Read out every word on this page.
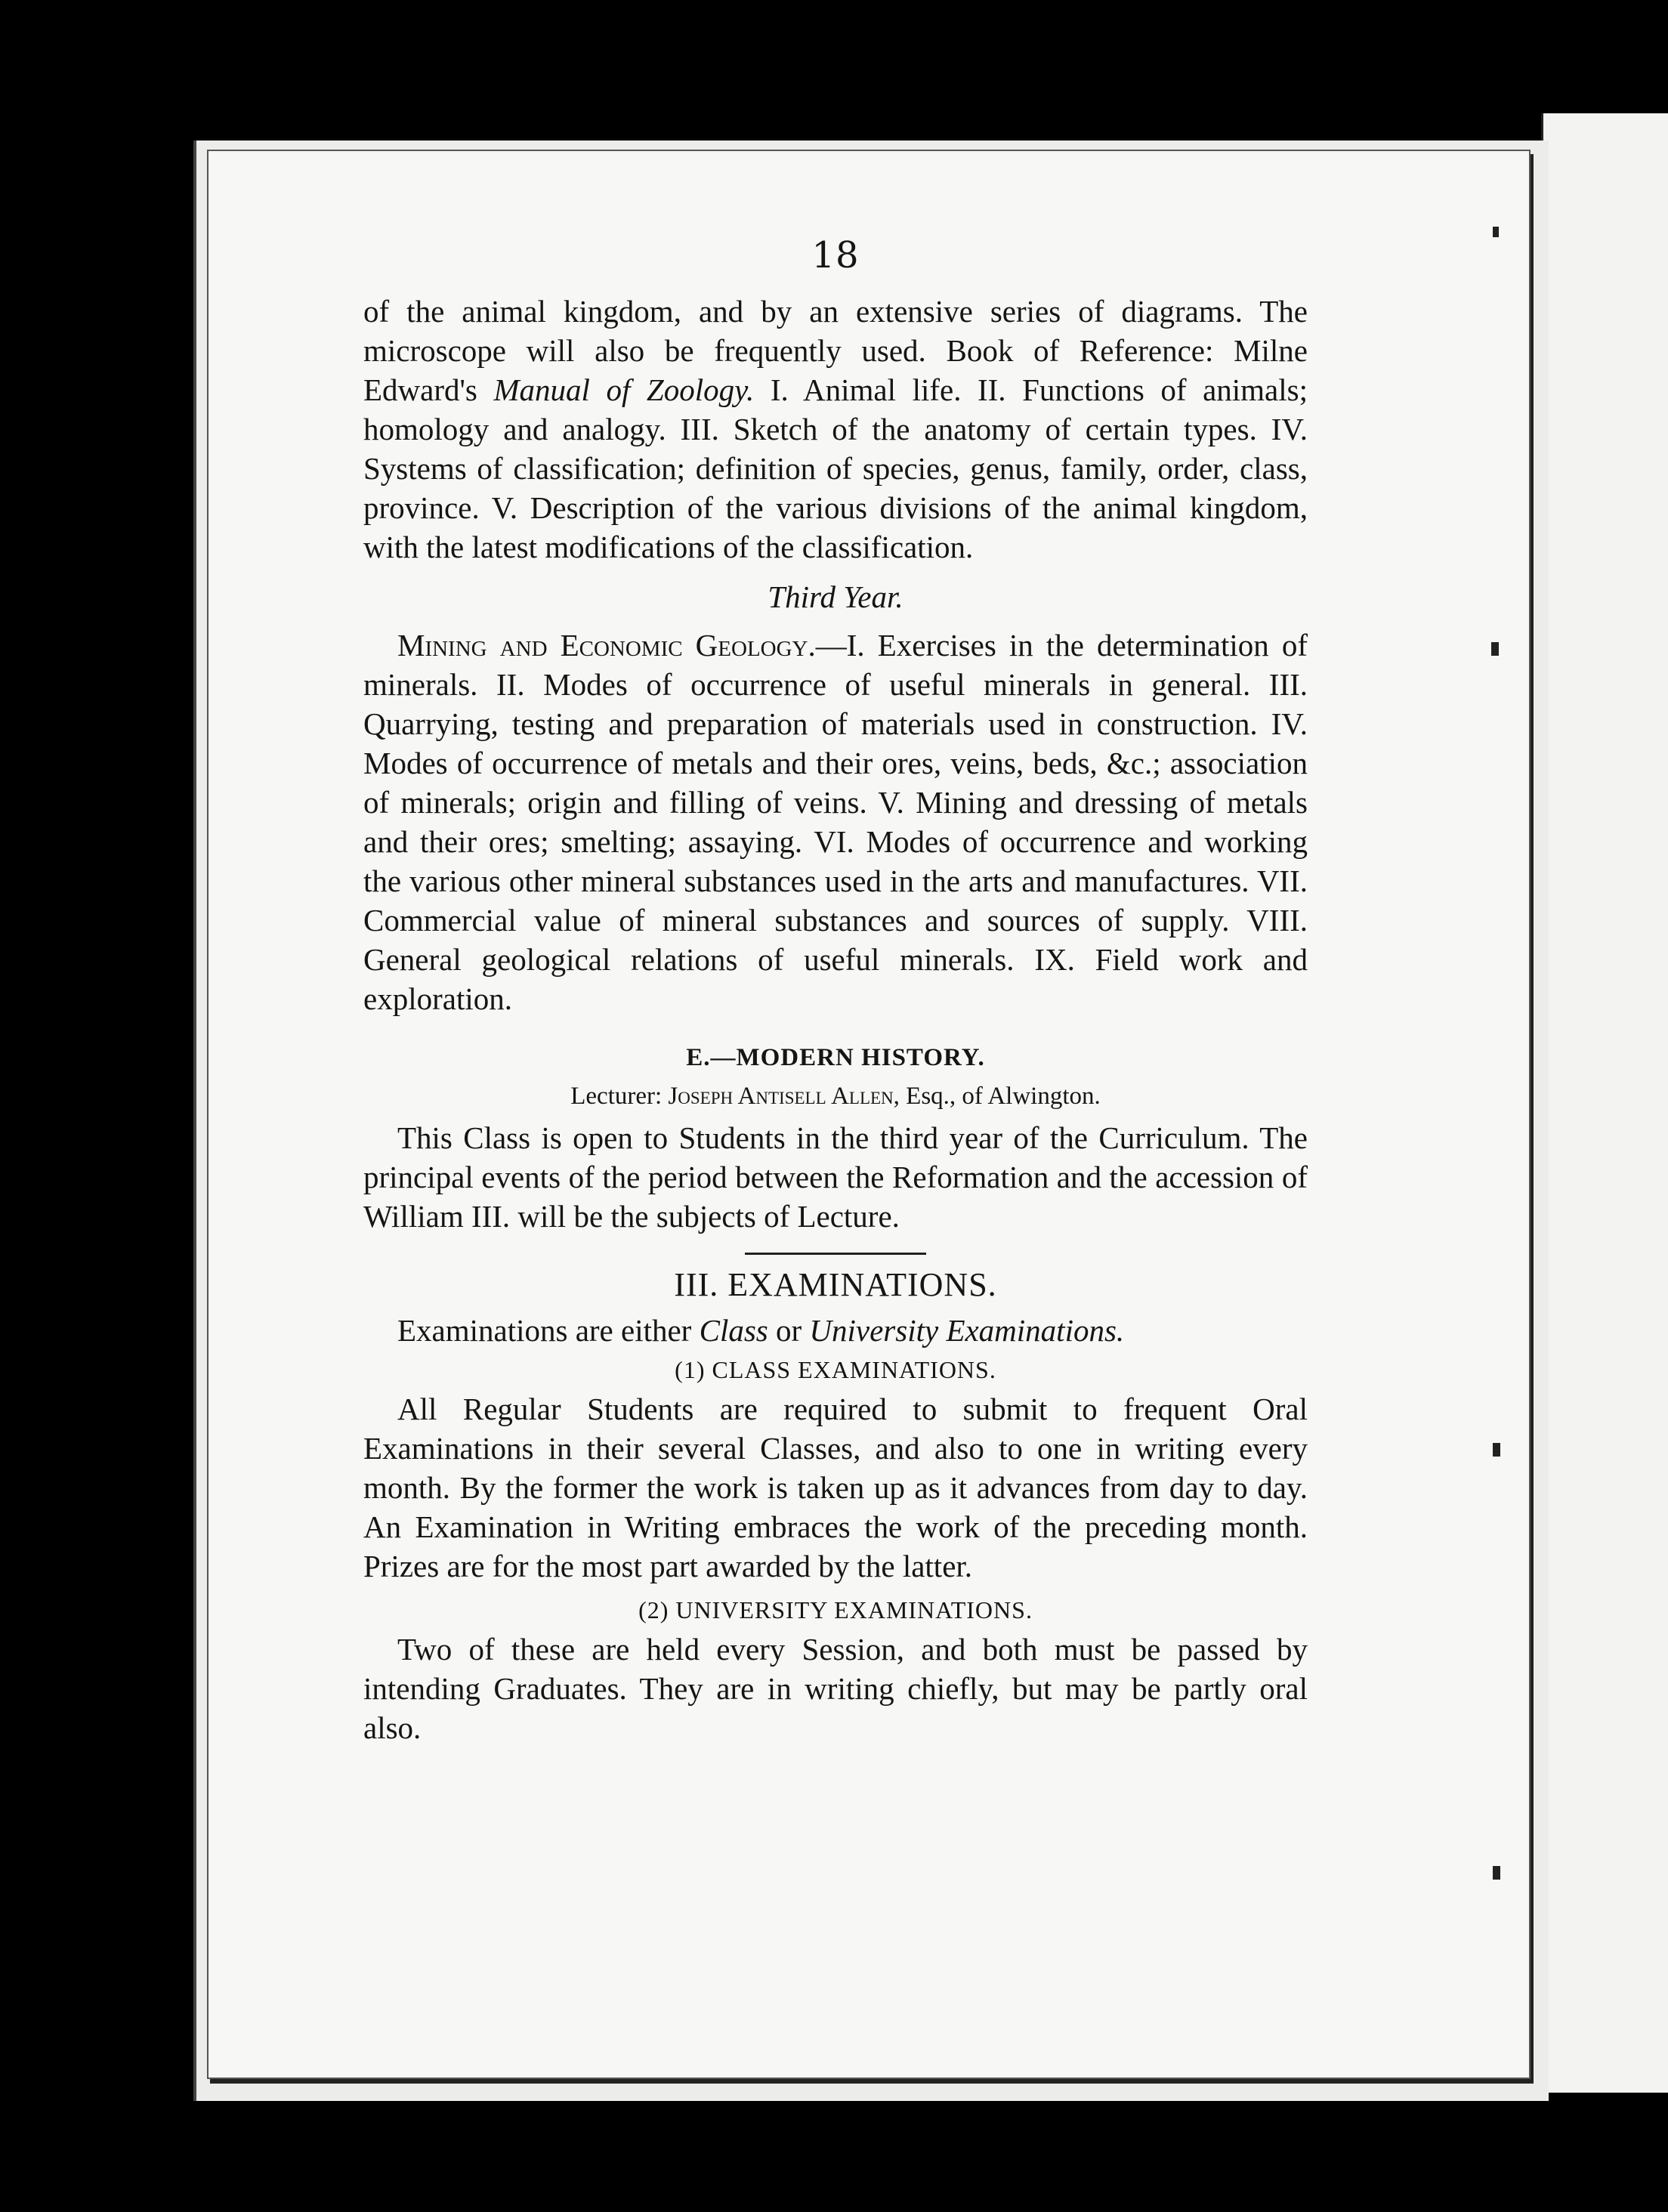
18

of the animal kingdom, and by an extensive series of diagrams. The microscope will also be frequently used. Book of Reference: Milne Edward's Manual of Zoology. I. Animal life. II. Functions of animals; homology and analogy. III. Sketch of the anatomy of certain types. IV. Systems of classification; definition of species, genus, family, order, class, province. V. Description of the various divisions of the animal kingdom, with the latest modifications of the classification.

Third Year.

Mining and Economic Geology.—I. Exercises in the determination of minerals. II. Modes of occurrence of useful minerals in general. III. Quarrying, testing and preparation of materials used in construction. IV. Modes of occurrence of metals and their ores, veins, beds, &c.; association of minerals; origin and filling of veins. V. Mining and dressing of metals and their ores; smelting; assaying. VI. Modes of occurrence and working the various other mineral substances used in the arts and manufactures. VII. Commercial value of mineral substances and sources of supply. VIII. General geological relations of useful minerals. IX. Field work and exploration.

E.—MODERN HISTORY.
Lecturer: Joseph Antisell Allen, Esq., of Alwington.

This Class is open to Students in the third year of the Curriculum. The principal events of the period between the Reformation and the accession of William III. will be the subjects of Lecture.

III. EXAMINATIONS.

Examinations are either Class or University Examinations.

(1) CLASS EXAMINATIONS.

All Regular Students are required to submit to frequent Oral Examinations in their several Classes, and also to one in writing every month. By the former the work is taken up as it advances from day to day. An Examination in Writing embraces the work of the preceding month. Prizes are for the most part awarded by the latter.

(2) UNIVERSITY EXAMINATIONS.

Two of these are held every Session, and both must be passed by intending Graduates. They are in writing chiefly, but may be partly oral also.
